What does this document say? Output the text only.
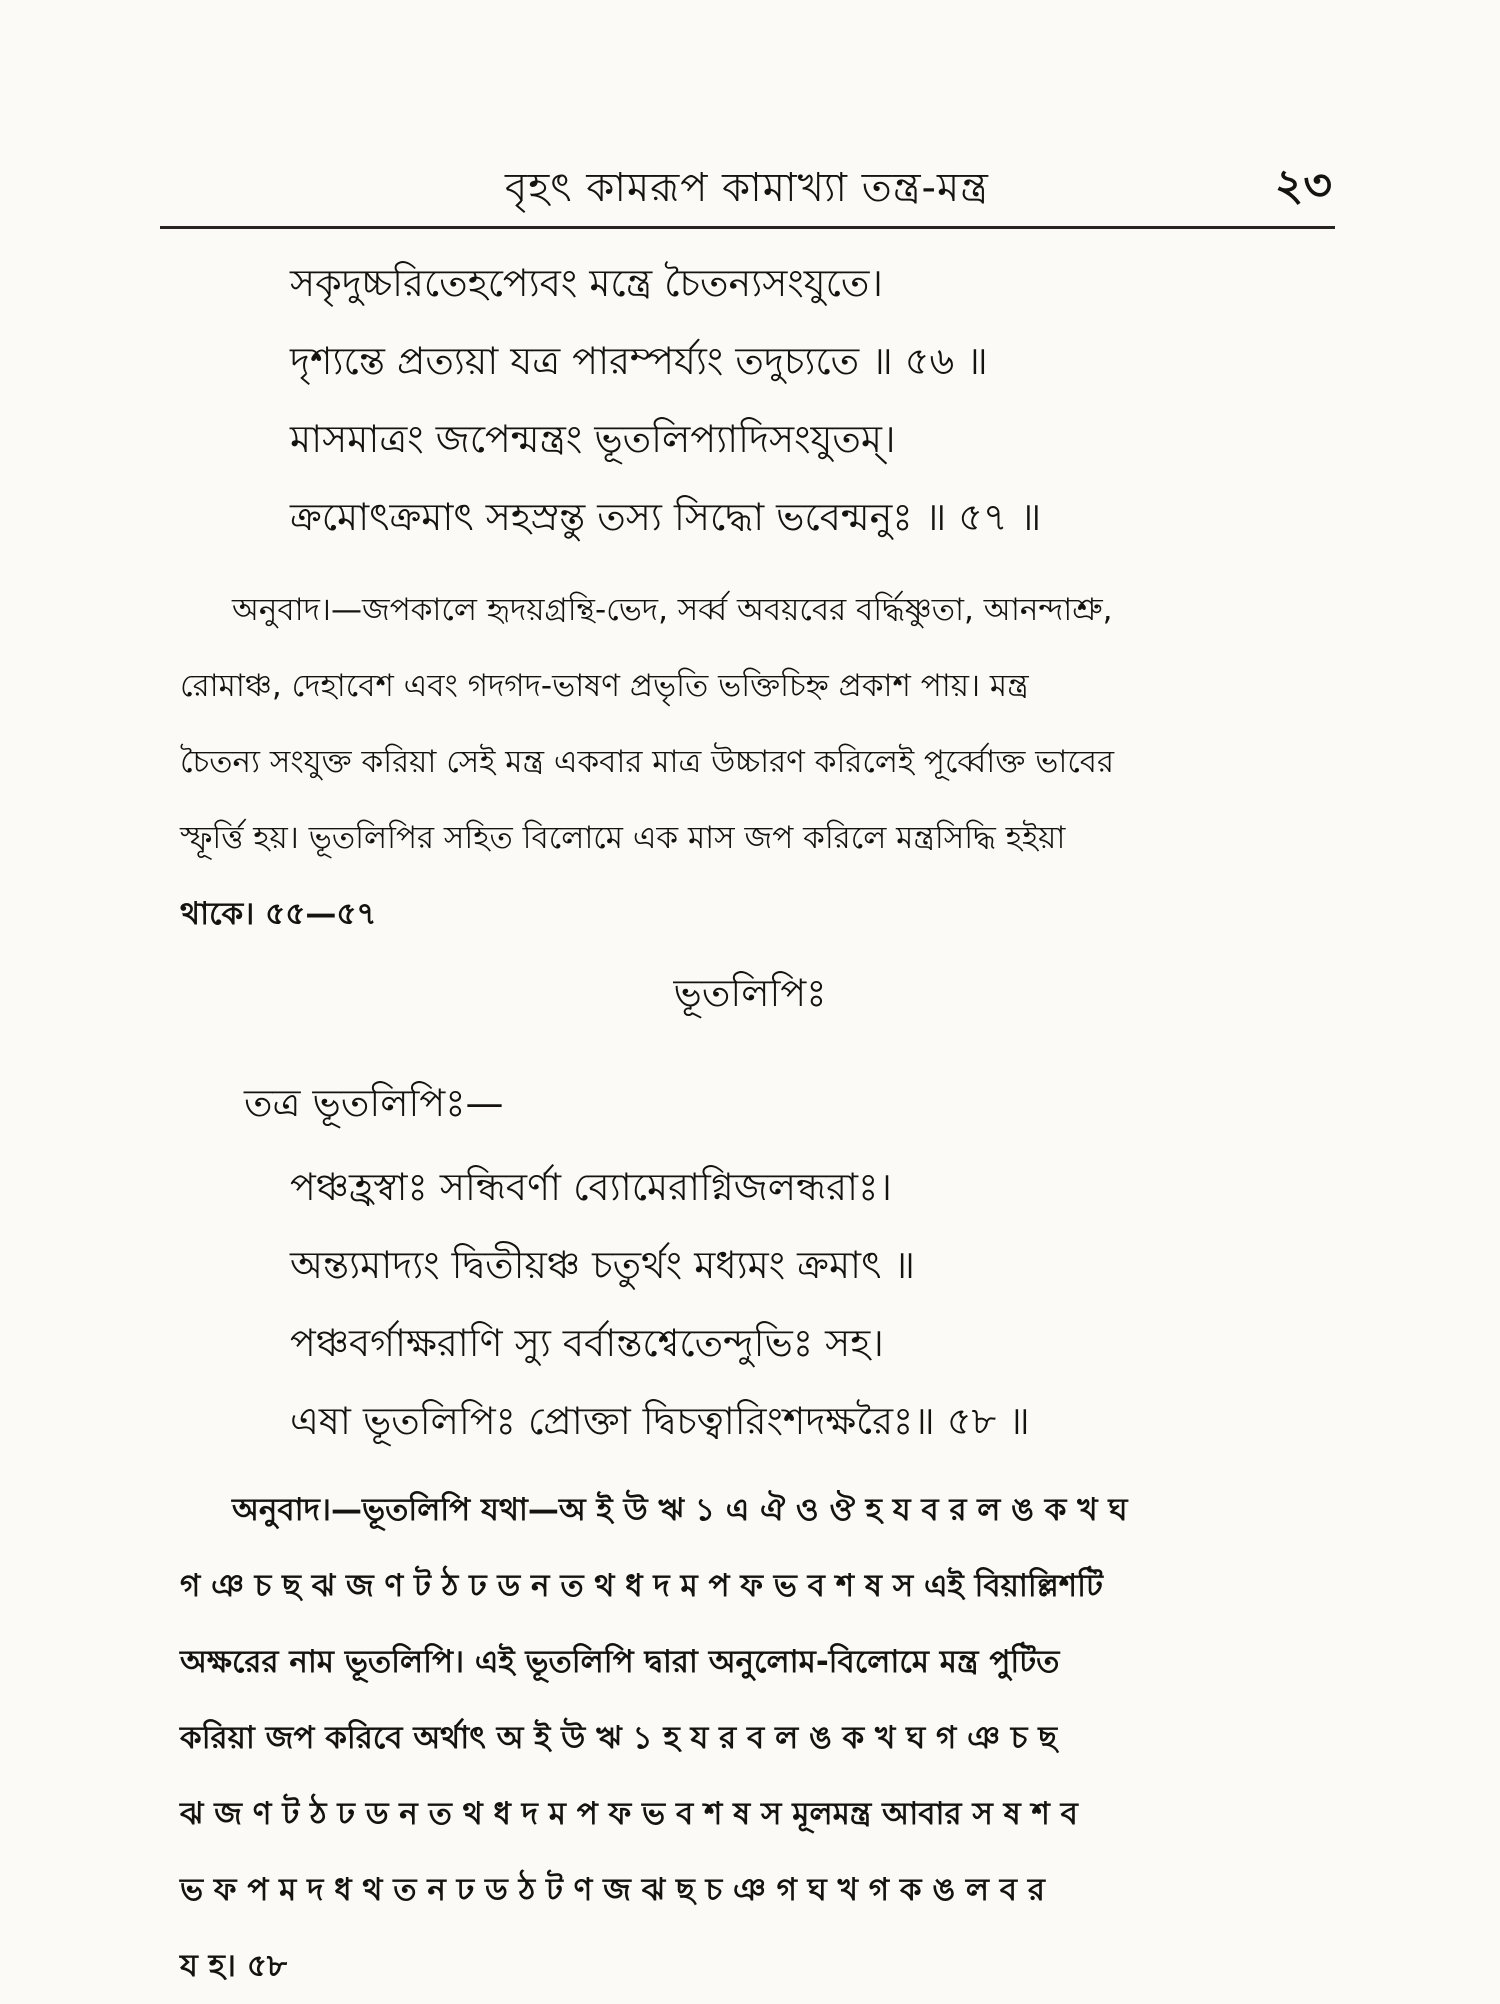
বৃহৎ কামরূপ কামাখ্যা তন্ত্র-মন্ত্র	২৩
সকৃদুচ্চরিতেহপ্যেবং মন্ত্রে চৈতন্যসংযুতে।
দৃশ্যন্তে প্রত্যয়া যত্র পারম্পর্য্যং তদুচ্যতে ॥ ৫৬ ॥
মাসমাত্রং জপেন্মন্ত্রং ভূতলিপ্যাদিসংযুতম্।
ক্রমোৎক্রমাৎ সহস্রন্তু তস্য সিদ্ধো ভবেন্মনুঃ ॥ ৫৭ ॥
অনুবাদ।—জপকালে হৃদয়গ্রন্থি-ভেদ, সর্ব্ব অবয়বের বর্দ্ধিষ্ণুতা, আনন্দাশ্রু,
রোমাঞ্চ, দেহাবেশ এবং গদগদ-ভাষণ প্রভৃতি ভক্তিচিহ্ন প্রকাশ পায়। মন্ত্র
চৈতন্য সংযুক্ত করিয়া সেই মন্ত্র একবার মাত্র উচ্চারণ করিলেই পূর্ব্বোক্ত ভাবের
স্ফূর্ত্তি হয়। ভূতলিপির সহিত বিলোমে এক মাস জপ করিলে মন্ত্রসিদ্ধি হইয়া
থাকে। ৫৫—৫৭
ভূতলিপিঃ
তত্র ভূতলিপিঃ—
পঞ্চহ্রস্বাঃ সন্ধিবর্ণা ব্যোমেরাগ্নিজলন্ধরাঃ।
অন্ত্যমাদ্যং দ্বিতীয়ঞ্চ চতুর্থং মধ্যমং ক্রমাৎ ॥
পঞ্চবর্গাক্ষরাণি স্যু বর্বান্তশ্বেতেন্দুভিঃ সহ।
এষা ভূতলিপিঃ প্রোক্তা দ্বিচত্বারিংশদক্ষরৈঃ॥ ৫৮ ॥
অনুবাদ।—ভূতলিপি যথা—অ ই উ ঋ ১ এ ঐ ও ঔ হ য ব র ল ঙ ক খ ঘ
গ ঞ চ ছ ঝ জ ণ ট ঠ ঢ ড ন ত থ ধ দ ম প ফ ভ ব শ ষ স এই বিয়াল্লিশটি
অক্ষরের নাম ভূতলিপি। এই ভূতলিপি দ্বারা অনুলোম-বিলোমে মন্ত্র পুটিত
করিয়া জপ করিবে অর্থাৎ অ ই উ ঋ ১ হ য র ব ল ঙ ক খ ঘ গ ঞ চ ছ
ঝ জ ণ ট ঠ ঢ ড ন ত থ ধ দ ম প ফ ভ ব শ ষ স মূলমন্ত্র আবার স ষ শ ব
ভ ফ প ম দ ধ থ ত ন ঢ ড ঠ ট ণ জ ঝ ছ চ ঞ গ ঘ খ গ ক ঙ ল ব র
য হ। ৫৮
